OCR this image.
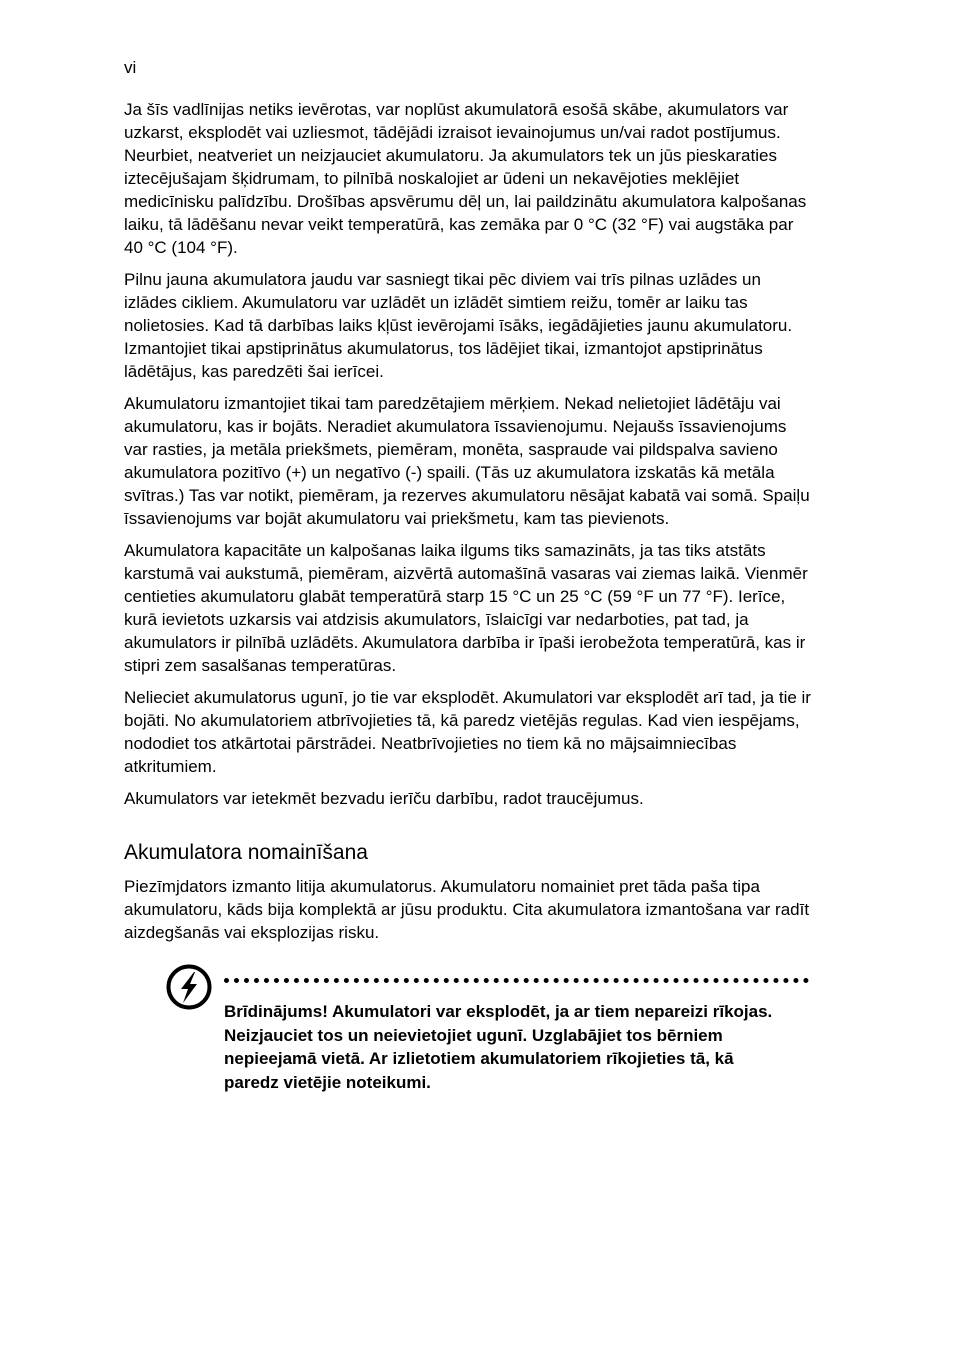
vi

Ja šīs vadlīnijas netiks ievērotas, var noplūst akumulatorā esošā skābe, akumulators var uzkarst, eksplodēt vai uzliesmot, tādējādi izraisot ievainojumus un/vai radot postījumus. Neurbiet, neatveriet un neizjauciet akumulatoru. Ja akumulators tek un jūs pieskaraties iztecējušajam šķidrumam, to pilnībā noskalojiet ar ūdeni un nekavējoties meklējiet medicīnisku palīdzību. Drošības apsvērumu dēļ un, lai paildzinātu akumulatora kalpošanas laiku, tā lādēšanu nevar veikt temperatūrā, kas zemāka par 0 °C (32 °F) vai augstāka par 40 °C (104 °F).

Pilnu jauna akumulatora jaudu var sasniegt tikai pēc diviem vai trīs pilnas uzlādes un izlādes cikliem. Akumulatoru var uzlādēt un izlādēt simtiem reižu, tomēr ar laiku tas nolietosies. Kad tā darbības laiks kļūst ievērojami īsāks, iegādājieties jaunu akumulatoru. Izmantojiet tikai apstiprinātus akumulatorus, tos lādējiet tikai, izmantojot apstiprinātus lādētājus, kas paredzēti šai ierīcei.

Akumulatoru izmantojiet tikai tam paredzētajiem mērķiem. Nekad nelietojiet lādētāju vai akumulatoru, kas ir bojāts. Neradiet akumulatora īssavienojumu. Nejaušs īssavienojums var rasties, ja metāla priekšmets, piemēram, monēta, saspraude vai pildspalva savieno akumulatora pozitīvo (+) un negatīvo (-) spaili. (Tās uz akumulatora izskatās kā metāla svītras.) Tas var notikt, piemēram, ja rezerves akumulatoru nēsājat kabatā vai somā. Spaiļu īssavienojums var bojāt akumulatoru vai priekšmetu, kam tas pievienots.

Akumulatora kapacitāte un kalpošanas laika ilgums tiks samazināts, ja tas tiks atstāts karstumā vai aukstumā, piemēram, aizvērtā automašīnā vasaras vai ziemas laikā. Vienmēr centieties akumulatoru glabāt temperatūrā starp 15 °C un 25 °C (59 °F un 77 °F). Ierīce, kurā ievietots uzkarsis vai atdzisis akumulators, īslaicīgi var nedarboties, pat tad, ja akumulators ir pilnībā uzlādēts. Akumulatora darbība ir īpaši ierobežota temperatūrā, kas ir stipri zem sasalšanas temperatūras.

Nelieciet akumulatorus ugunī, jo tie var eksplodēt. Akumulatori var eksplodēt arī tad, ja tie ir bojāti. No akumulatoriem atbrīvojieties tā, kā paredz vietējās regulas. Kad vien iespējams, nododiet tos atkārtotai pārstrādei. Neatbrīvojieties no tiem kā no mājsaimniecības atkritumiem.

Akumulators var ietekmēt bezvadu ierīču darbību, radot traucējumus.

Akumulatora nomainīšana

Piezīmjdators izmanto litija akumulatorus. Akumulatoru nomainiet pret tāda paša tipa akumulatoru, kāds bija komplektā ar jūsu produktu. Cita akumulatora izmantošana var radīt aizdegšanās vai eksplozijas risku.

Brīdinājums! Akumulatori var eksplodēt, ja ar tiem nepareizi rīkojas. Neizjauciet tos un neievietojiet ugunī. Uzglabājiet tos bērniem nepieejamā vietā. Ar izlietotiem akumulatoriem rīkojieties tā, kā paredz vietējie noteikumi.
